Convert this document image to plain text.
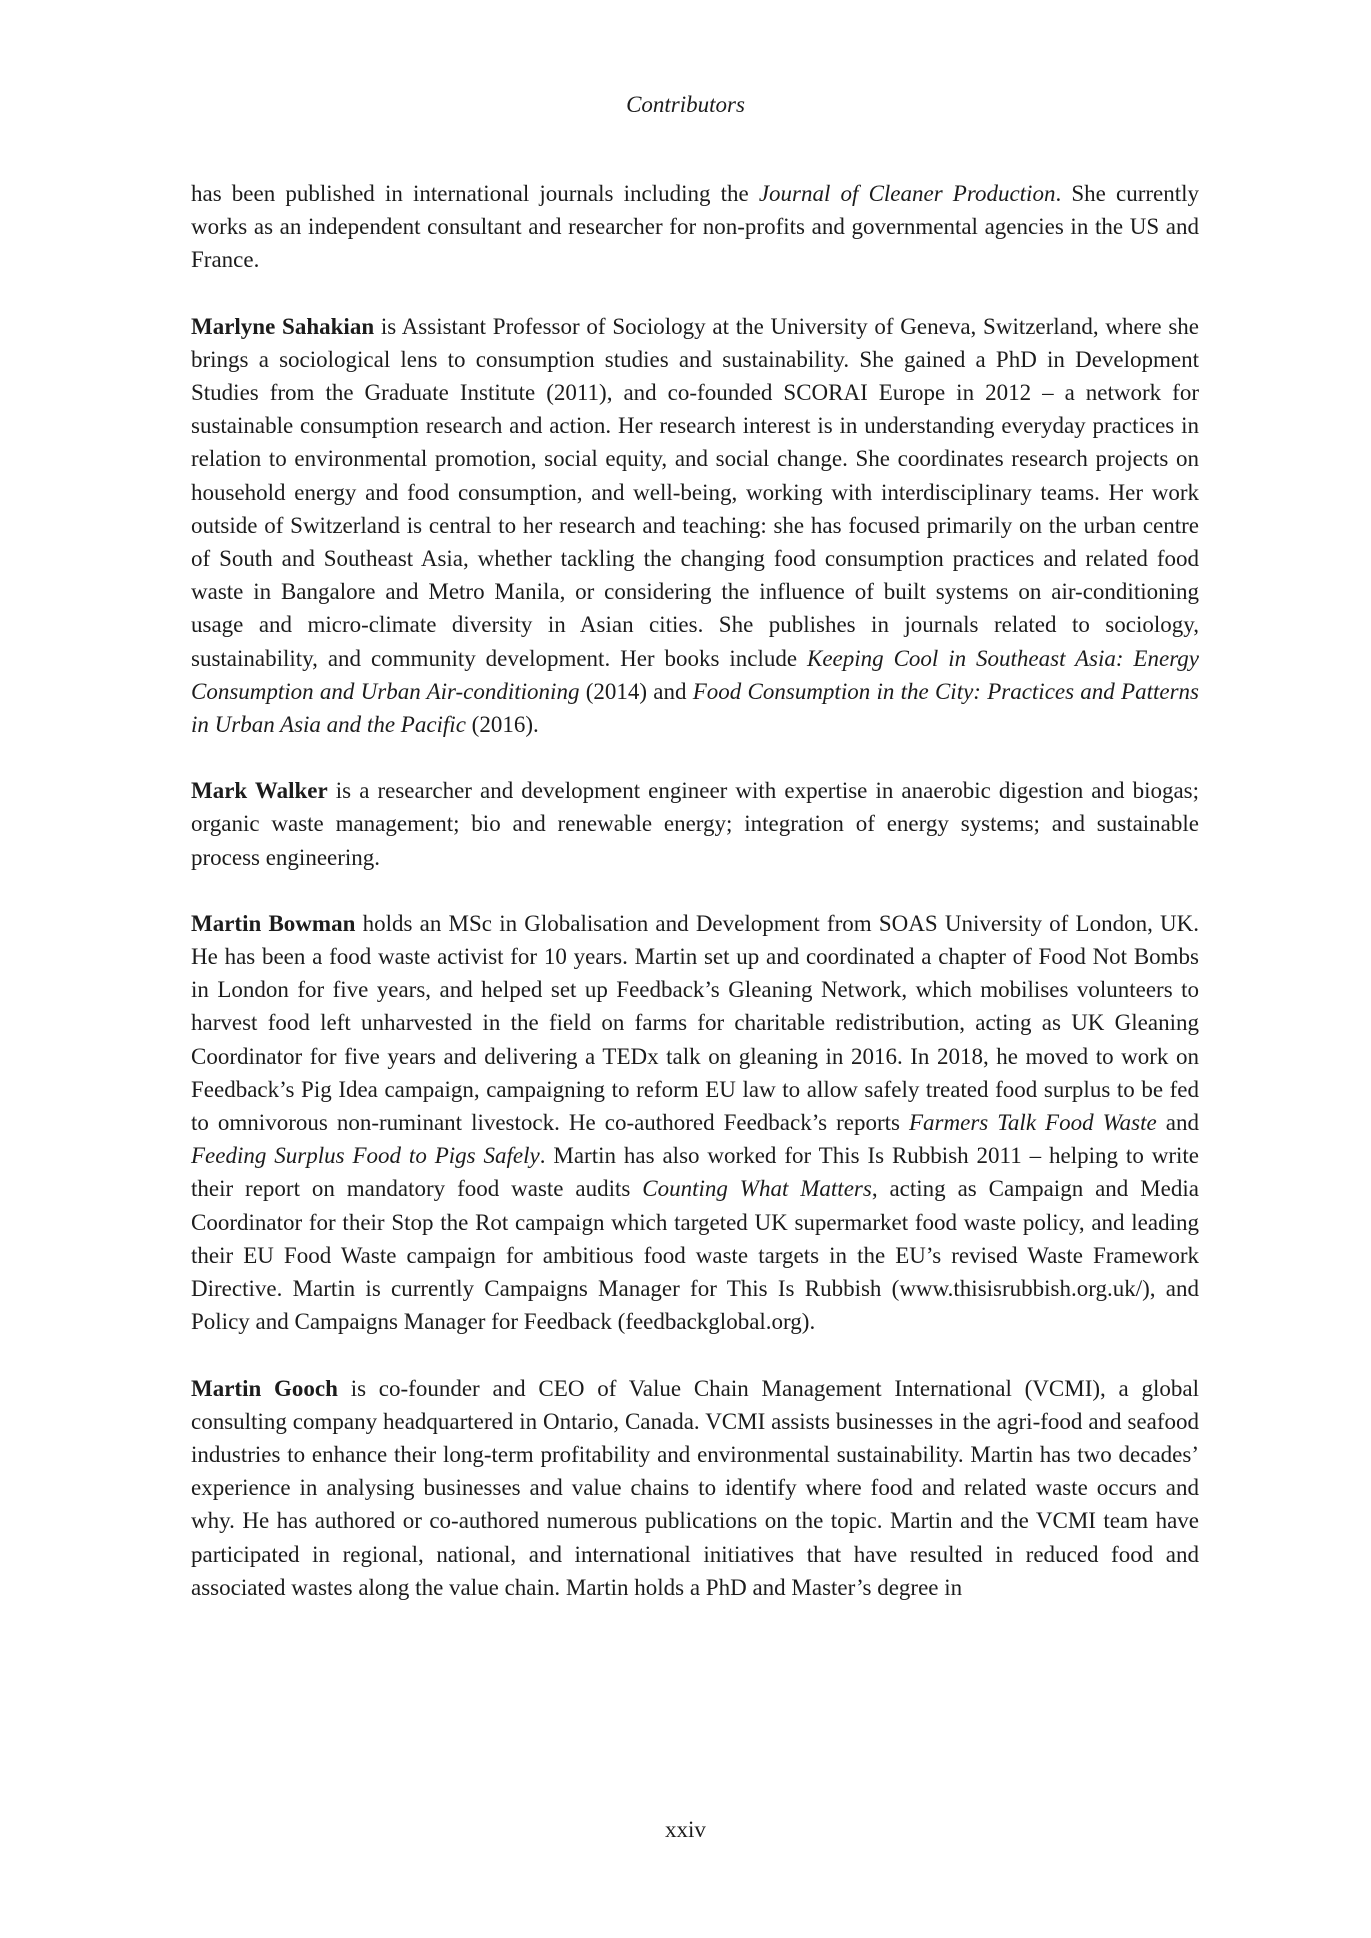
Contributors

has been published in international journals including the Journal of Cleaner Production. She currently works as an independent consultant and researcher for non-profits and governmental agencies in the US and France.

Marlyne Sahakian is Assistant Professor of Sociology at the University of Geneva, Switzerland, where she brings a sociological lens to consumption studies and sustainability. She gained a PhD in Development Studies from the Graduate Institute (2011), and co-founded SCORAI Europe in 2012 – a network for sustainable consumption research and action. Her research interest is in understanding everyday practices in relation to environmental promotion, social equity, and social change. She coordinates research projects on household energy and food consumption, and well-being, working with interdisciplinary teams. Her work outside of Switzerland is central to her research and teaching: she has focused primarily on the urban centre of South and Southeast Asia, whether tackling the changing food consumption practices and related food waste in Bangalore and Metro Manila, or considering the influence of built systems on air-conditioning usage and micro-climate diversity in Asian cities. She publishes in journals related to sociology, sustainability, and community development. Her books include Keeping Cool in Southeast Asia: Energy Consumption and Urban Air-conditioning (2014) and Food Consumption in the City: Practices and Patterns in Urban Asia and the Pacific (2016).

Mark Walker is a researcher and development engineer with expertise in anaerobic digestion and biogas; organic waste management; bio and renewable energy; integration of energy systems; and sustainable process engineering.

Martin Bowman holds an MSc in Globalisation and Development from SOAS University of London, UK. He has been a food waste activist for 10 years. Martin set up and coordinated a chapter of Food Not Bombs in London for five years, and helped set up Feedback’s Gleaning Network, which mobilises volunteers to harvest food left unharvested in the field on farms for charitable redistribution, acting as UK Gleaning Coordinator for five years and delivering a TEDx talk on gleaning in 2016. In 2018, he moved to work on Feedback’s Pig Idea campaign, campaigning to reform EU law to allow safely treated food surplus to be fed to omnivorous non-ruminant livestock. He co-authored Feedback’s reports Farmers Talk Food Waste and Feeding Surplus Food to Pigs Safely. Martin has also worked for This Is Rubbish 2011 – helping to write their report on mandatory food waste audits Counting What Matters, acting as Campaign and Media Coordinator for their Stop the Rot campaign which targeted UK supermarket food waste policy, and leading their EU Food Waste campaign for ambitious food waste targets in the EU’s revised Waste Framework Directive. Martin is currently Campaigns Manager for This Is Rubbish (www.thisisrubbish.org.uk/), and Policy and Campaigns Manager for Feedback (feedbackglobal.org).

Martin Gooch is co-founder and CEO of Value Chain Management International (VCMI), a global consulting company headquartered in Ontario, Canada. VCMI assists businesses in the agri-food and seafood industries to enhance their long-term profitability and environmental sustainability. Martin has two decades’ experience in analysing businesses and value chains to identify where food and related waste occurs and why. He has authored or co-authored numerous publications on the topic. Martin and the VCMI team have participated in regional, national, and international initiatives that have resulted in reduced food and associated wastes along the value chain. Martin holds a PhD and Master’s degree in

xxiv
